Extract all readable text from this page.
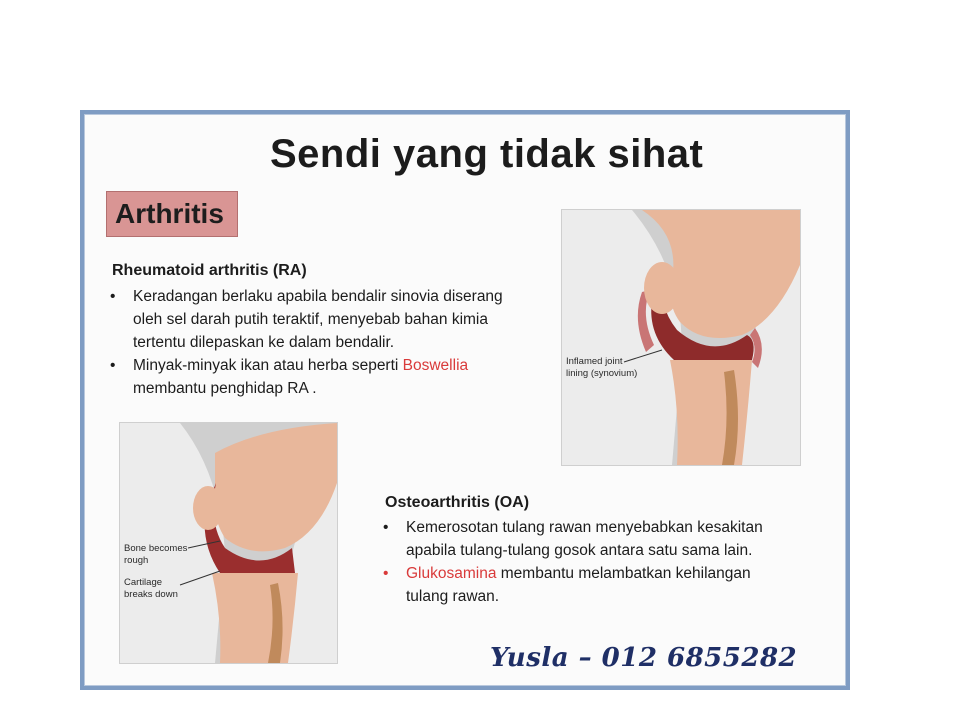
Sendi yang tidak sihat
Arthritis
Rheumatoid arthritis (RA)
• Keradangan berlaku apabila bendalir sinovia diserang
oleh sel darah putih teraktif, menyebab bahan kimia
tertentu dilepaskan ke dalam bendalir.
• Minyak-minyak ikan atau herba seperti Boswellia
membantu penghidap RA .
Inflamed joint
lining (synovium)
Bone becomes
rough
Cartilage
breaks down
Osteoarthritis (OA)
• Kemerosotan tulang rawan menyebabkan kesakitan
apabila tulang-tulang gosok antara satu sama lain.
• Glukosamina membantu melambatkan kehilangan
tulang rawan.
Yusla – 012 6855282
